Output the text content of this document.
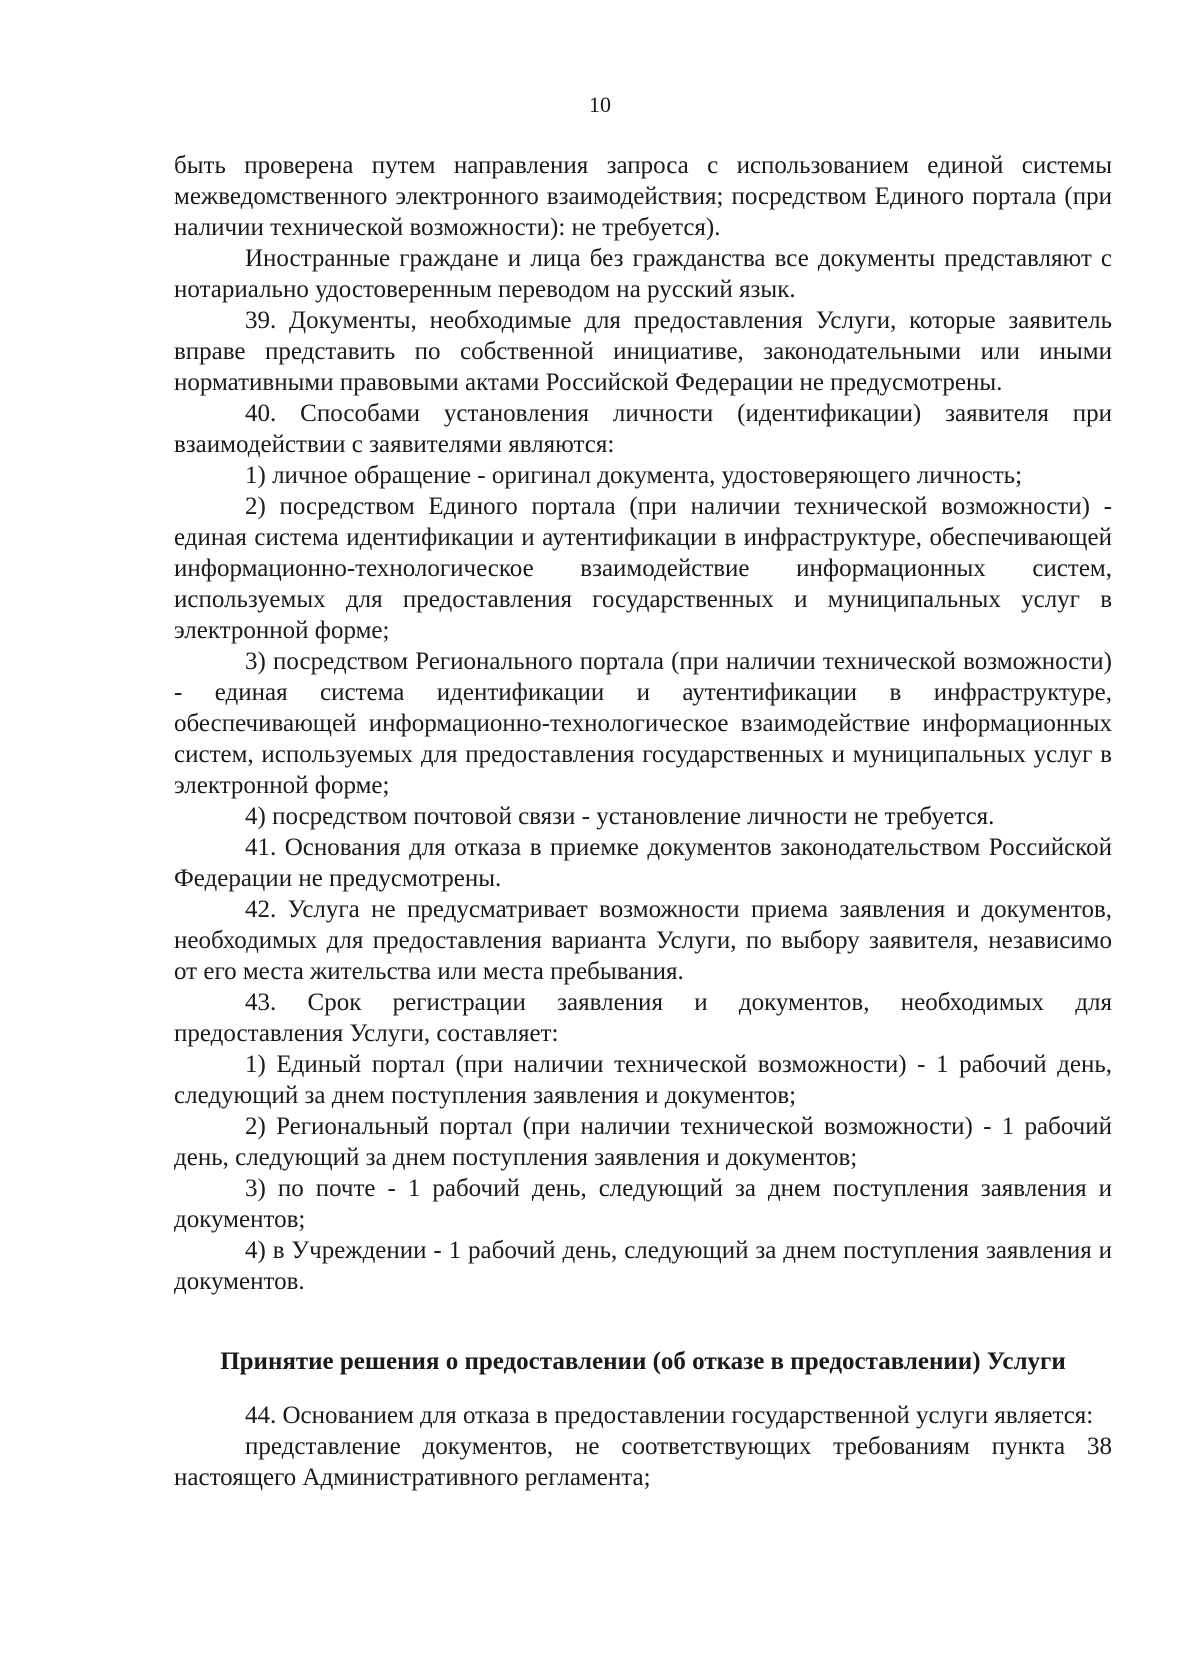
10

быть проверена путем направления запроса с использованием единой системы межведомственного электронного взаимодействия; посредством Единого портала (при наличии технической возможности): не требуется).

Иностранные граждане и лица без гражданства все документы представляют с нотариально удостоверенным переводом на русский язык.

39. Документы, необходимые для предоставления Услуги, которые заявитель вправе представить по собственной инициативе, законодательными или иными нормативными правовыми актами Российской Федерации не предусмотрены.

40. Способами установления личности (идентификации) заявителя при взаимодействии с заявителями являются:

1) личное обращение - оригинал документа, удостоверяющего личность;

2) посредством Единого портала (при наличии технической возможности) - единая система идентификации и аутентификации в инфраструктуре, обеспечивающей информационно-технологическое взаимодействие информационных систем, используемых для предоставления государственных и муниципальных услуг в электронной форме;

3) посредством Регионального портала (при наличии технической возможности) - единая система идентификации и аутентификации в инфраструктуре, обеспечивающей информационно-технологическое взаимодействие информационных систем, используемых для предоставления государственных и муниципальных услуг в электронной форме;

4) посредством почтовой связи - установление личности не требуется.

41. Основания для отказа в приемке документов законодательством Российской Федерации не предусмотрены.

42. Услуга не предусматривает возможности приема заявления и документов, необходимых для предоставления варианта Услуги, по выбору заявителя, независимо от его места жительства или места пребывания.

43. Срок регистрации заявления и документов, необходимых для предоставления Услуги, составляет:

1) Единый портал (при наличии технической возможности) - 1 рабочий день, следующий за днем поступления заявления и документов;

2) Региональный портал (при наличии технической возможности) - 1 рабочий день, следующий за днем поступления заявления и документов;

3) по почте - 1 рабочий день, следующий за днем поступления заявления и документов;

4) в Учреждении - 1 рабочий день, следующий за днем поступления заявления и документов.

Принятие решения о предоставлении (об отказе в предоставлении) Услуги

44. Основанием для отказа в предоставлении государственной услуги является:

представление документов, не соответствующих требованиям пункта 38 настоящего Административного регламента;
